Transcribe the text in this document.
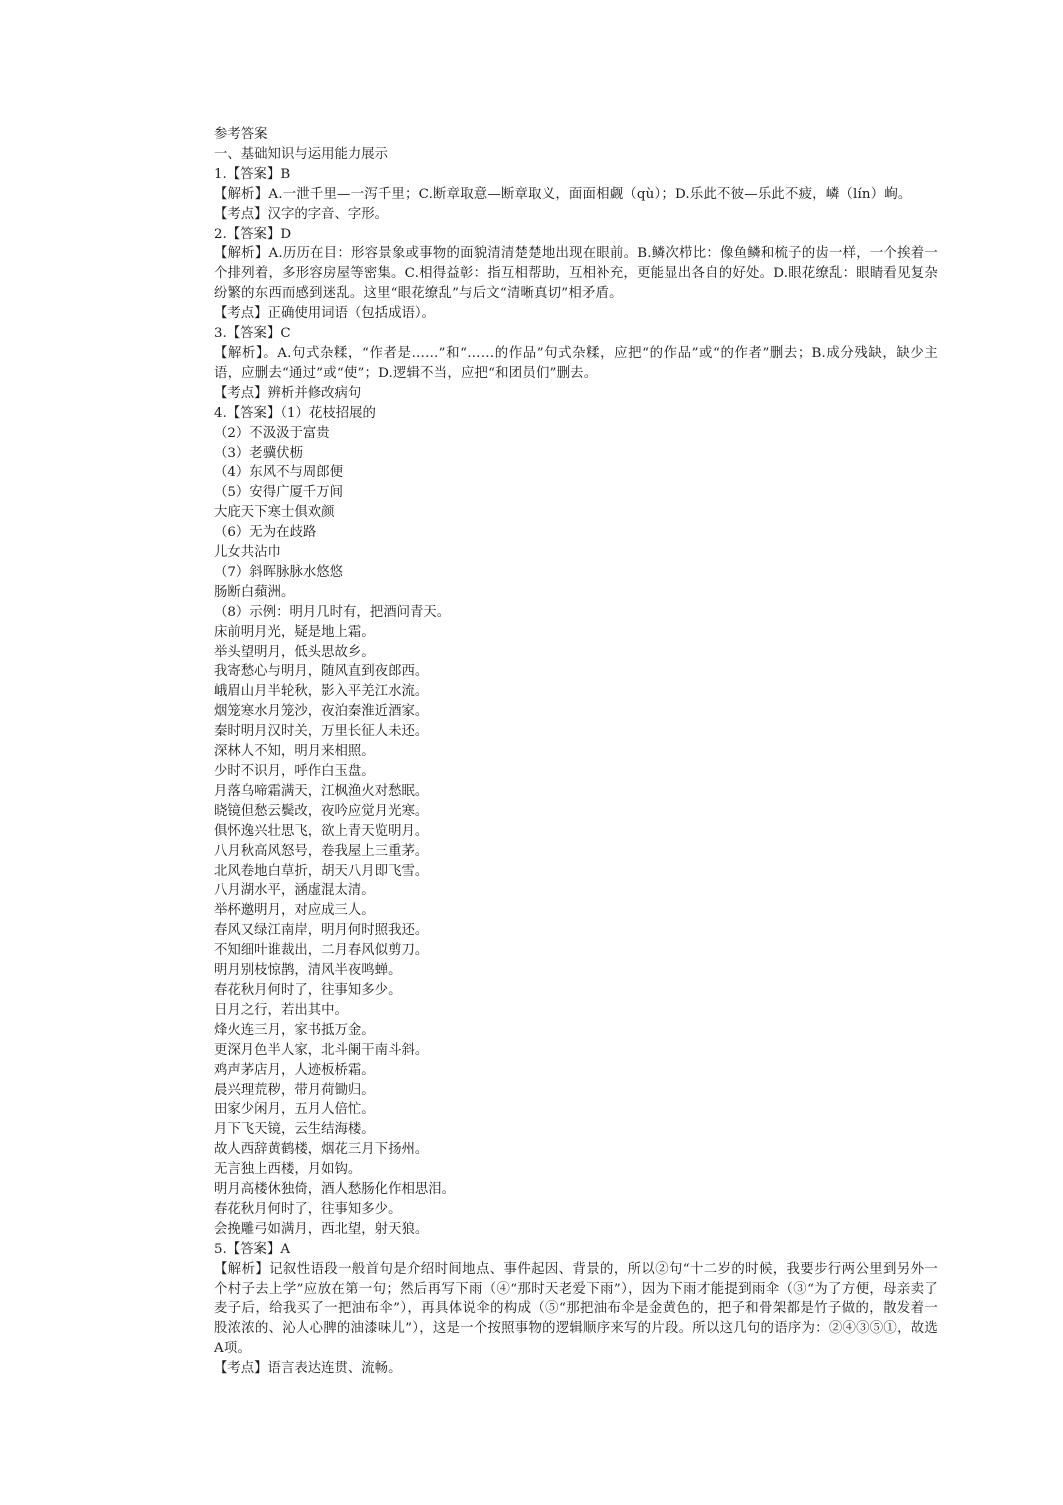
参考答案
一、基础知识与运用能力展示
1.【答案】B
【解析】A.一泄千里—一泻千里；C.断章取意—断章取义，面面相觑（qù）；D.乐此不彼—乐此不疲，嶙（lín）峋。
【考点】汉字的字音、字形。
2.【答案】D
【解析】A.历历在目：形容景象或事物的面貌清清楚楚地出现在眼前。B.鳞次栉比：像鱼鳞和梳子的齿一样，一个挨着一个排列着，多形容房屋等密集。C.相得益彰：指互相帮助，互相补充，更能显出各自的好处。D.眼花缭乱：眼睛看见复杂纷繁的东西而感到迷乱。这里“眼花缭乱”与后文“清晰真切”相矛盾。
【考点】正确使用词语（包括成语）。
3.【答案】C
【解析】。A.句式杂糅，“作者是……”和“……的作品”句式杂糅，应把“的作品”或“的作者”删去；B.成分残缺，缺少主语，应删去“通过”或“使”；D.逻辑不当，应把“和团员们”删去。
【考点】辨析并修改病句
4.【答案】（1）花枝招展的
（2）不汲汲于富贵
（3）老骥伏枥
（4）东风不与周郎便
（5）安得广厦千万间
大庇天下寒士俱欢颜
（6）无为在歧路
儿女共沾巾
（7）斜晖脉脉水悠悠
肠断白蘋洲。
（8）示例：明月几时有，把酒问青天。
床前明月光，疑是地上霜。
举头望明月，低头思故乡。
我寄愁心与明月，随风直到夜郎西。
峨眉山月半轮秋，影入平羌江水流。
烟笼寒水月笼沙，夜泊秦淮近酒家。
秦时明月汉时关，万里长征人未还。
深林人不知，明月来相照。
少时不识月，呼作白玉盘。
月落乌啼霜满天，江枫渔火对愁眠。
晓镜但愁云鬓改，夜吟应觉月光寒。
俱怀逸兴壮思飞，欲上青天览明月。
八月秋高风怒号，卷我屋上三重茅。
北风卷地白草折，胡天八月即飞雪。
八月湖水平，涵虚混太清。
举杯邀明月，对应成三人。
春风又绿江南岸，明月何时照我还。
不知细叶谁裁出，二月春风似剪刀。
明月别枝惊鹊，清风半夜鸣蝉。
春花秋月何时了，往事知多少。
日月之行，若出其中。
烽火连三月，家书抵万金。
更深月色半人家，北斗阑干南斗斜。
鸡声茅店月，人迹板桥霜。
晨兴理荒秽，带月荷锄归。
田家少闲月，五月人倍忙。
月下飞天镜，云生结海楼。
故人西辞黄鹤楼，烟花三月下扬州。
无言独上西楼，月如钩。
明月高楼休独倚，酒人愁肠化作相思泪。
春花秋月何时了，往事知多少。
会挽雕弓如满月，西北望，射天狼。
5.【答案】A
【解析】记叙性语段一般首句是介绍时间地点、事件起因、背景的，所以②句“十二岁的时候，我要步行两公里到另外一个村子去上学”应放在第一句；然后再写下雨（④“那时天老爱下雨”），因为下雨才能提到雨伞（③“为了方便，母亲卖了麦子后，给我买了一把油布伞”），再具体说伞的构成（⑤“那把油布伞是金黄色的，把子和骨架都是竹子做的，散发着一股浓浓的、沁人心脾的油漆味儿”），这是一个按照事物的逻辑顺序来写的片段。所以这几句的语序为：②④③⑤①，故选A项。
【考点】语言表达连贯、流畅。
